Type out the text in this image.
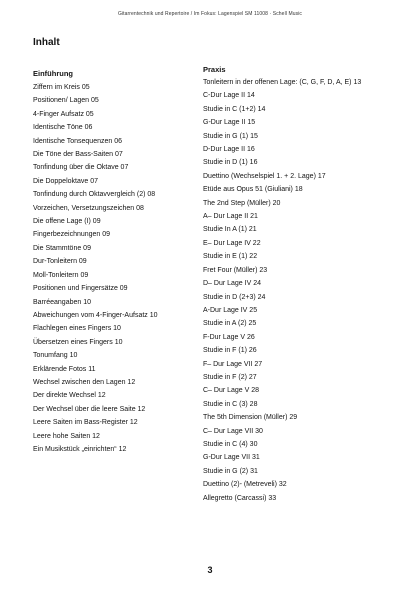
Gitarrentechnik und Repertoire / Im Fokus: Lagenspiel SM 11008 · Schell Music
Inhalt
Einführung
Ziffern im Kreis 05
Positionen/ Lagen 05
4-Finger Aufsatz 05
Identische Töne 06
Identische Tonsequenzen 06
Die Töne der Bass-Saiten 07
Tonfindung über die Oktave 07
Die Doppeloktave 07
Tonfindung durch Oktavvergleich (2) 08
Vorzeichen, Versetzungszeichen 08
Die offene Lage (I) 09
Fingerbezeichnungen 09
Die Stammtöne 09
Dur-Tonleitern 09
Moll-Tonleitern 09
Positionen und Fingersätze 09
Barréeangaben 10
Abweichungen vom 4-Finger-Aufsatz 10
Flachlegen eines Fingers 10
Übersetzen eines Fingers 10
Tonumfang 10
Erklärende Fotos 11
Wechsel zwischen den Lagen 12
Der direkte Wechsel 12
Der Wechsel über die leere Saite 12
Leere Saiten im Bass-Register 12
Leere hohe Saiten 12
Ein Musikstück „einrichten“ 12
Praxis
Tonleitern in der offenen Lage: (C, G, F, D, A, E) 13
C-Dur Lage II 14
Studie in C (1+2) 14
G-Dur Lage II 15
Studie in G (1) 15
D-Dur Lage II 16
Studie in D (1) 16
Duettino (Wechselspiel 1. + 2. Lage) 17
Etüde aus Opus 51 (Giuliani) 18
The 2nd Step (Müller) 20
A– Dur Lage II 21
Studie In A (1) 21
E– Dur Lage IV 22
Studie in E (1) 22
Fret Four (Müller) 23
D– Dur Lage IV 24
Studie in D (2+3) 24
A-Dur Lage IV 25
Studie in A (2) 25
F-Dur Lage V 26
Studie in F (1) 26
F– Dur Lage VII 27
Studie in F (2) 27
C– Dur Lage V 28
Studie in C (3) 28
The 5th Dimension (Müller) 29
C– Dur Lage VII 30
Studie in C (4) 30
G-Dur Lage VII 31
Studie in G (2) 31
Duettino (2)- (Metreveli) 32
Allegretto (Carcassi) 33
3
